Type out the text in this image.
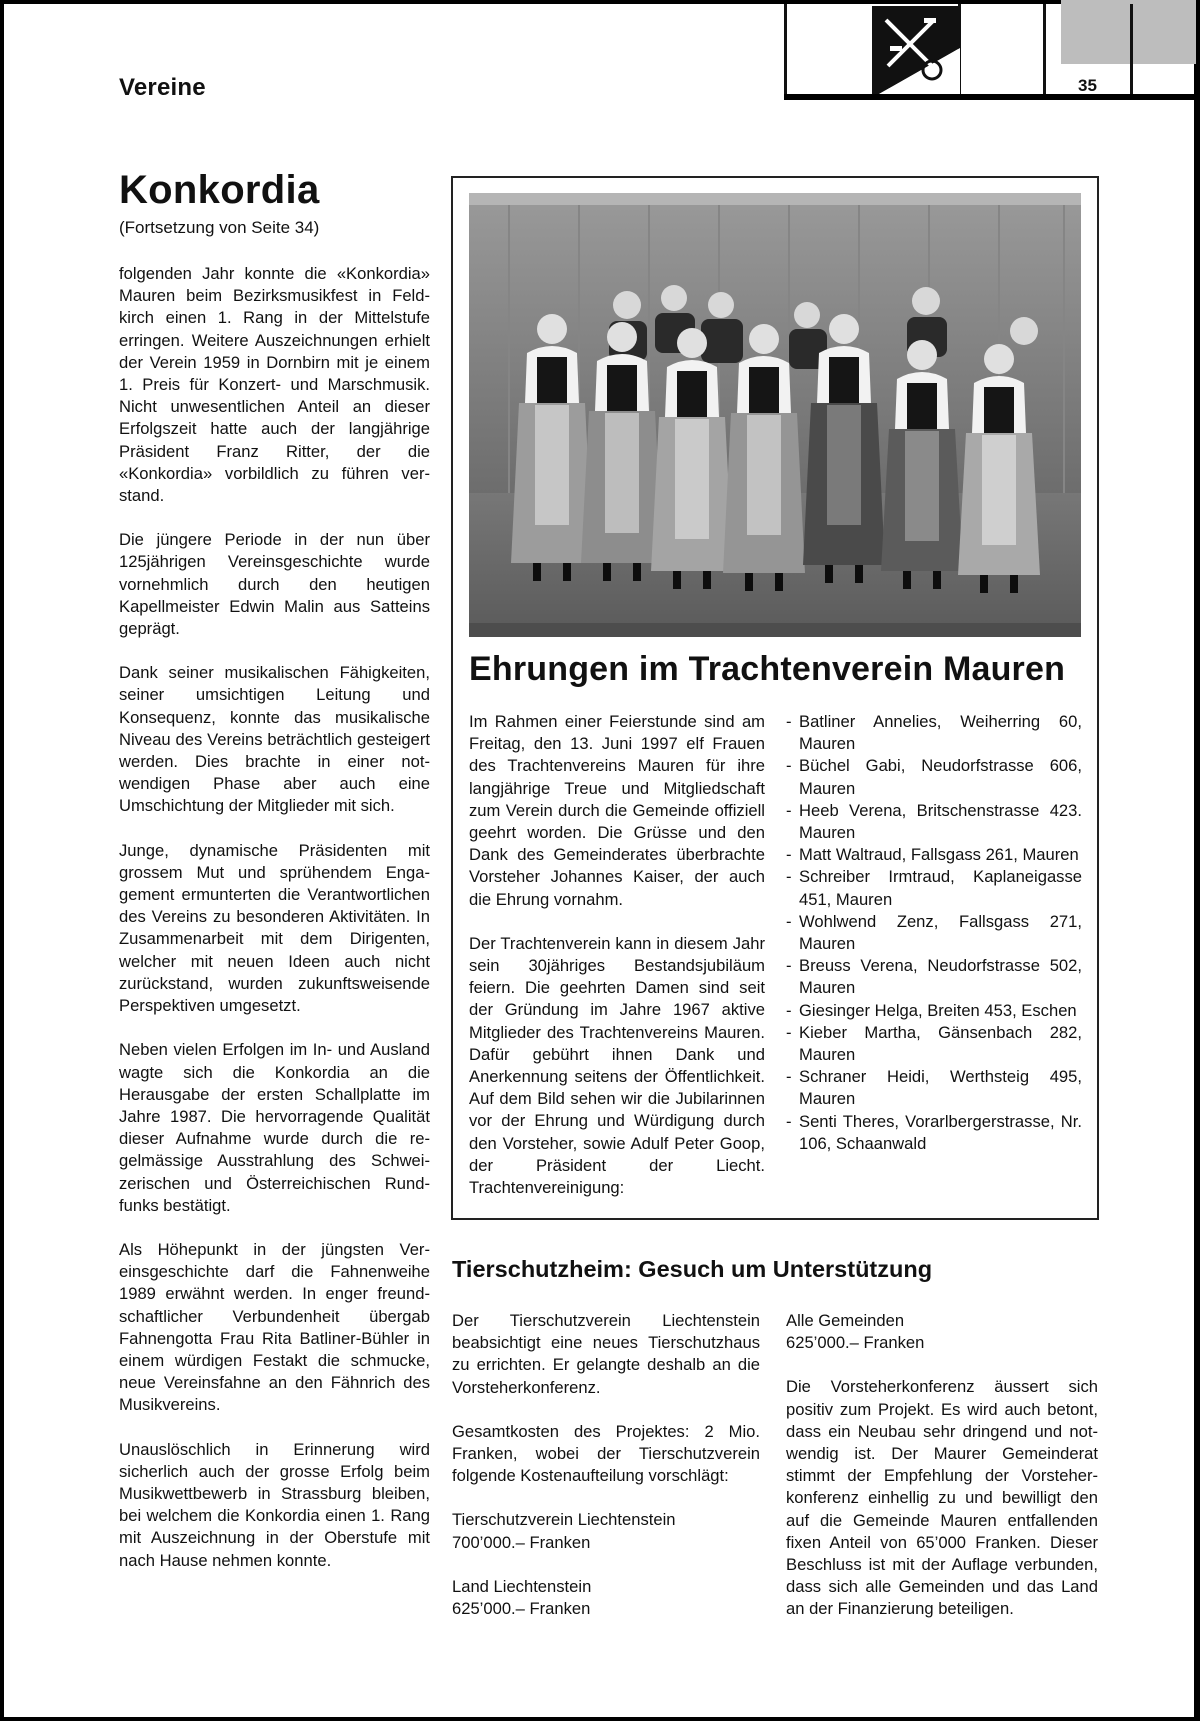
Vereine	35
Konkordia
(Fortsetzung von Seite 34)

folgenden Jahr konnte die «Konkordia» Mauren beim Bezirksmusikfest in Feldkirch einen 1. Rang in der Mittelstufe erringen. Weitere Auszeichnungen erhielt der Verein 1959 in Dornbirn mit je einem 1. Preis für Konzert- und Marschmusik. Nicht unwesentlichen Anteil an dieser Erfolgszeit hatte auch der langjährige Präsident Franz Ritter, der die «Konkordia» vorbildlich zu führen verstand.

Die jüngere Periode in der nun über 125jährigen Vereinsgeschichte wurde vornehmlich durch den heutigen Kapellmeister Edwin Malin aus Satteins geprägt.

Dank seiner musikalischen Fähigkeiten, seiner umsichtigen Leitung und Konsequenz, konnte das musikalische Niveau des Vereins beträchtlich gesteigert werden. Dies brachte in einer notwendigen Phase aber auch eine Umschichtung der Mitglieder mit sich.

Junge, dynamische Präsidenten mit grossem Mut und sprühendem Engagement ermunterten die Verantwortlichen des Vereins zu besonderen Aktivitäten. In Zusammenarbeit mit dem Dirigenten, welcher mit neuen Ideen auch nicht zurückstand, wurden zukunftsweisende Perspektiven umgesetzt.

Neben vielen Erfolgen im In- und Ausland wagte sich die Konkordia an die Herausgabe der ersten Schallplatte im Jahre 1987. Die hervorragende Qualität dieser Aufnahme wurde durch die regelmässige Ausstrahlung des Schweizerischen und Österreichischen Rundfunks bestätigt.

Als Höhepunkt in der jüngsten Vereinsgeschichte darf die Fahnenweihe 1989 erwähnt werden. In enger freundschaftlicher Verbundenheit übergab Fahnengotta Frau Rita Batliner-Bühler in einem würdigen Festakt die schmucke, neue Vereinsfahne an den Fähnrich des Musikvereins.

Unauslöschlich in Erinnerung wird sicherlich auch der grosse Erfolg beim Musikwettbewerb in Strassburg bleiben, bei welchem die Konkordia einen 1. Rang mit Auszeichnung in der Oberstufe mit nach Hause nehmen konnte.

Ehrungen im Trachtenverein Mauren

Im Rahmen einer Feierstunde sind am Freitag, den 13. Juni 1997 elf Frauen des Trachtenvereins Mauren für ihre langjährige Treue und Mitgliedschaft zum Verein durch die Gemeinde offiziell geehrt worden. Die Grüsse und den Dank des Gemeinderates überbrachte Vorsteher Johannes Kaiser, der auch die Ehrung vornahm.

Der Trachtenverein kann in diesem Jahr sein 30jähriges Bestandsjubiläum feiern. Die geehrten Damen sind seit der Gründung im Jahre 1967 aktive Mitglieder des Trachtenvereins Mauren. Dafür gebührt ihnen Dank und Anerkennung seitens der Öffentlichkeit. Auf dem Bild sehen wir die Jubilarinnen vor der Ehrung und Würdigung durch den Vorsteher, sowie Adulf Peter Goop, der Präsident der Liecht. Trachtenvereinigung:

- Batliner Annelies, Weiherring 60, Mauren
- Büchel Gabi, Neudorfstrasse 606, Mauren
- Heeb Verena, Britschenstrasse 423. Mauren
- Matt Waltraud, Fallsgass 261, Mauren
- Schreiber Irmtraud, Kaplaneigasse 451, Mauren
- Wohlwend Zenz, Fallsgass 271, Mauren
- Breuss Verena, Neudorfstrasse 502, Mauren
- Giesinger Helga, Breiten 453, Eschen
- Kieber Martha, Gänsenbach 282, Mauren
- Schraner Heidi, Werthsteig 495, Mauren
- Senti Theres, Vorarlbergerstrasse, Nr. 106, Schaanwald
Tierschutzheim: Gesuch um Unterstützung

Der Tierschutzverein Liechtenstein beabsichtigt eine neues Tierschutzhaus zu errichten. Er gelangte deshalb an die Vorsteherkonferenz.

Gesamtkosten des Projektes: 2 Mio. Franken, wobei der Tierschutzverein folgende Kostenaufteilung vorschlägt:

Tierschutzverein Liechtenstein
700’000.– Franken

Land Liechtenstein
625’000.– Franken

Alle Gemeinden
625’000.– Franken

Die Vorsteherkonferenz äussert sich positiv zum Projekt. Es wird auch betont, dass ein Neubau sehr dringend und notwendig ist. Der Maurer Gemeinderat stimmt der Empfehlung der Vorsteherkonferenz einhellig zu und bewilligt den auf die Gemeinde Mauren entfallenden fixen Anteil von 65’000 Franken. Dieser Beschluss ist mit der Auflage verbunden, dass sich alle Gemeinden und das Land an der Finanzierung beteiligen.
